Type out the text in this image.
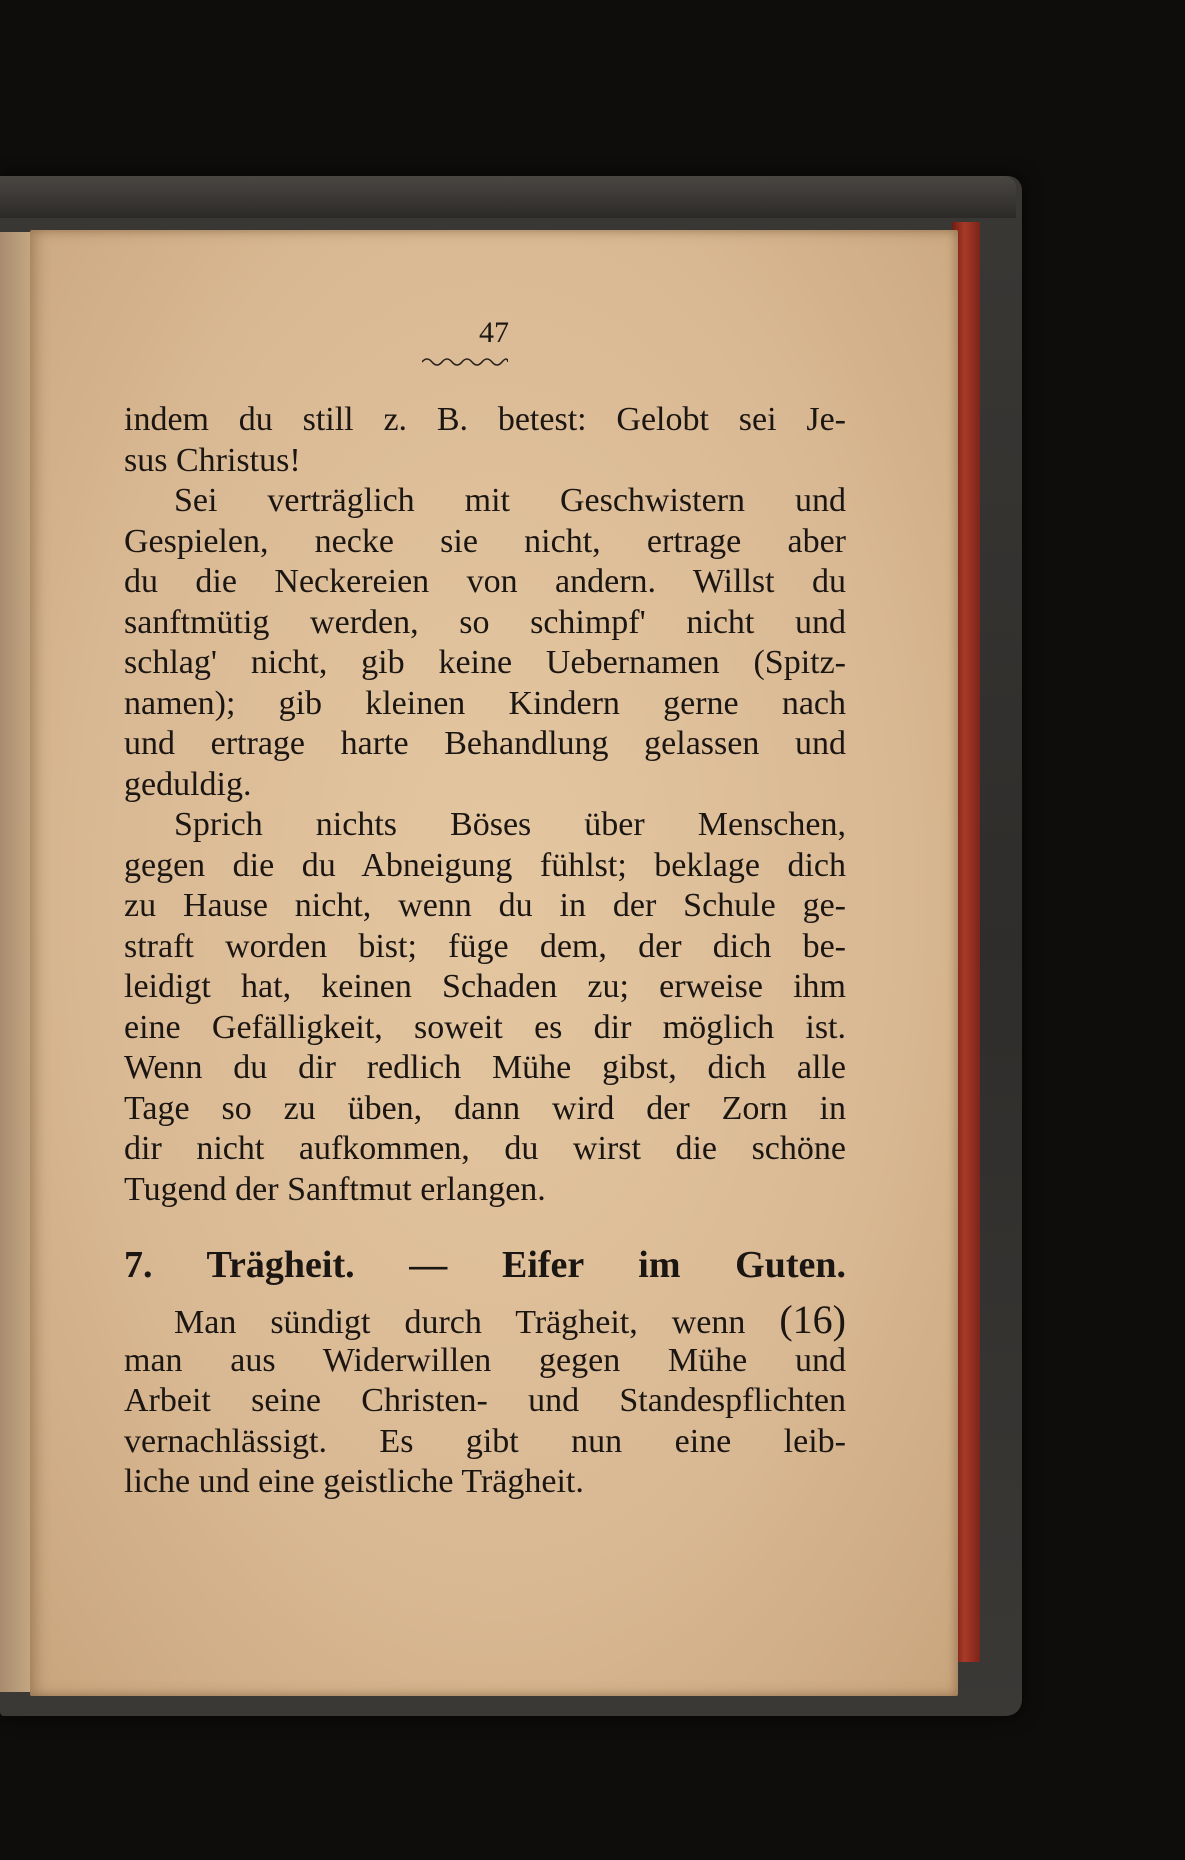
47
indem du still z. B. betest: Gelobt sei Je-
sus Christus!
Sei verträglich mit Geschwistern und
Gespielen, necke sie nicht, ertrage aber
du die Neckereien von andern. Willst du
sanftmütig werden, so schimpf' nicht und
schlag' nicht, gib keine Uebernamen (Spitz-
namen); gib kleinen Kindern gerne nach
und ertrage harte Behandlung gelassen und
geduldig.
Sprich nichts Böses über Menschen,
gegen die du Abneigung fühlst; beklage dich
zu Hause nicht, wenn du in der Schule ge-
straft worden bist; füge dem, der dich be-
leidigt hat, keinen Schaden zu; erweise ihm
eine Gefälligkeit, soweit es dir möglich ist.
Wenn du dir redlich Mühe gibst, dich alle
Tage so zu üben, dann wird der Zorn in
dir nicht aufkommen, du wirst die schöne
Tugend der Sanftmut erlangen.
7. Trägheit. — Eifer im Guten.
Man sündigt durch Trägheit, wenn (16)
man aus Widerwillen gegen Mühe und
Arbeit seine Christen- und Standespflichten
vernachlässigt. Es gibt nun eine leib-
liche und eine geistliche Trägheit.
